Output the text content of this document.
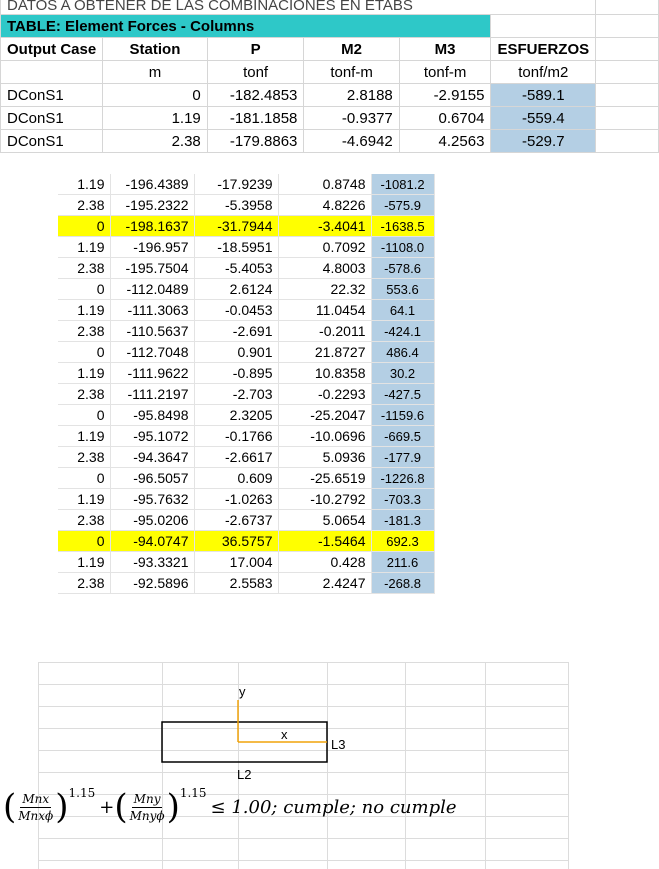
DATOS A OBTENER DE LAS COMBINACIONES EN ETABS						
TABLE: Element Forces - Columns						
Output Case	Station	P	M2	M3	ESFUERZOS	
	m	tonf	tonf-m	tonf-m	tonf/m2	
DConS1	0	-182.4853	2.8188	-2.9155	-589.1	
DConS1	1.19	-181.1858	-0.9377	0.6704	-559.4	
DConS1	2.38	-179.8863	-4.6942	4.2563	-529.7	
1.19	-196.4389	-17.9239	0.8748	-1081.2
2.38	-195.2322	-5.3958	4.8226	-575.9
0	-198.1637	-31.7944	-3.4041	-1638.5
1.19	-196.957	-18.5951	0.7092	-1108.0
2.38	-195.7504	-5.4053	4.8003	-578.6
0	-112.0489	2.6124	22.32	553.6
1.19	-111.3063	-0.0453	11.0454	64.1
2.38	-110.5637	-2.691	-0.2011	-424.1
0	-112.7048	0.901	21.8727	486.4
1.19	-111.9622	-0.895	10.8358	30.2
2.38	-111.2197	-2.703	-0.2293	-427.5
0	-95.8498	2.3205	-25.2047	-1159.6
1.19	-95.1072	-0.1766	-10.0696	-669.5
2.38	-94.3647	-2.6617	5.0936	-177.9
0	-96.5057	0.609	-25.6519	-1226.8
1.19	-95.7632	-1.0263	-10.2792	-703.3
2.38	-95.0206	-2.6737	5.0654	-181.3
0	-94.0747	36.5757	-1.5464	692.3
1.19	-93.3321	17.004	0.428	211.6
2.38	-92.5896	2.5583	2.4247	-268.8
y
x
L3
L2
( $\frac{\text{Mnx}}{\text{Mnxϕ}}$ ) 1.15
+ ( $\frac{\text{Mny}}{\text{Mnyϕ}}$ ) 1.15
≤ 1.00; cumple; no cumple
